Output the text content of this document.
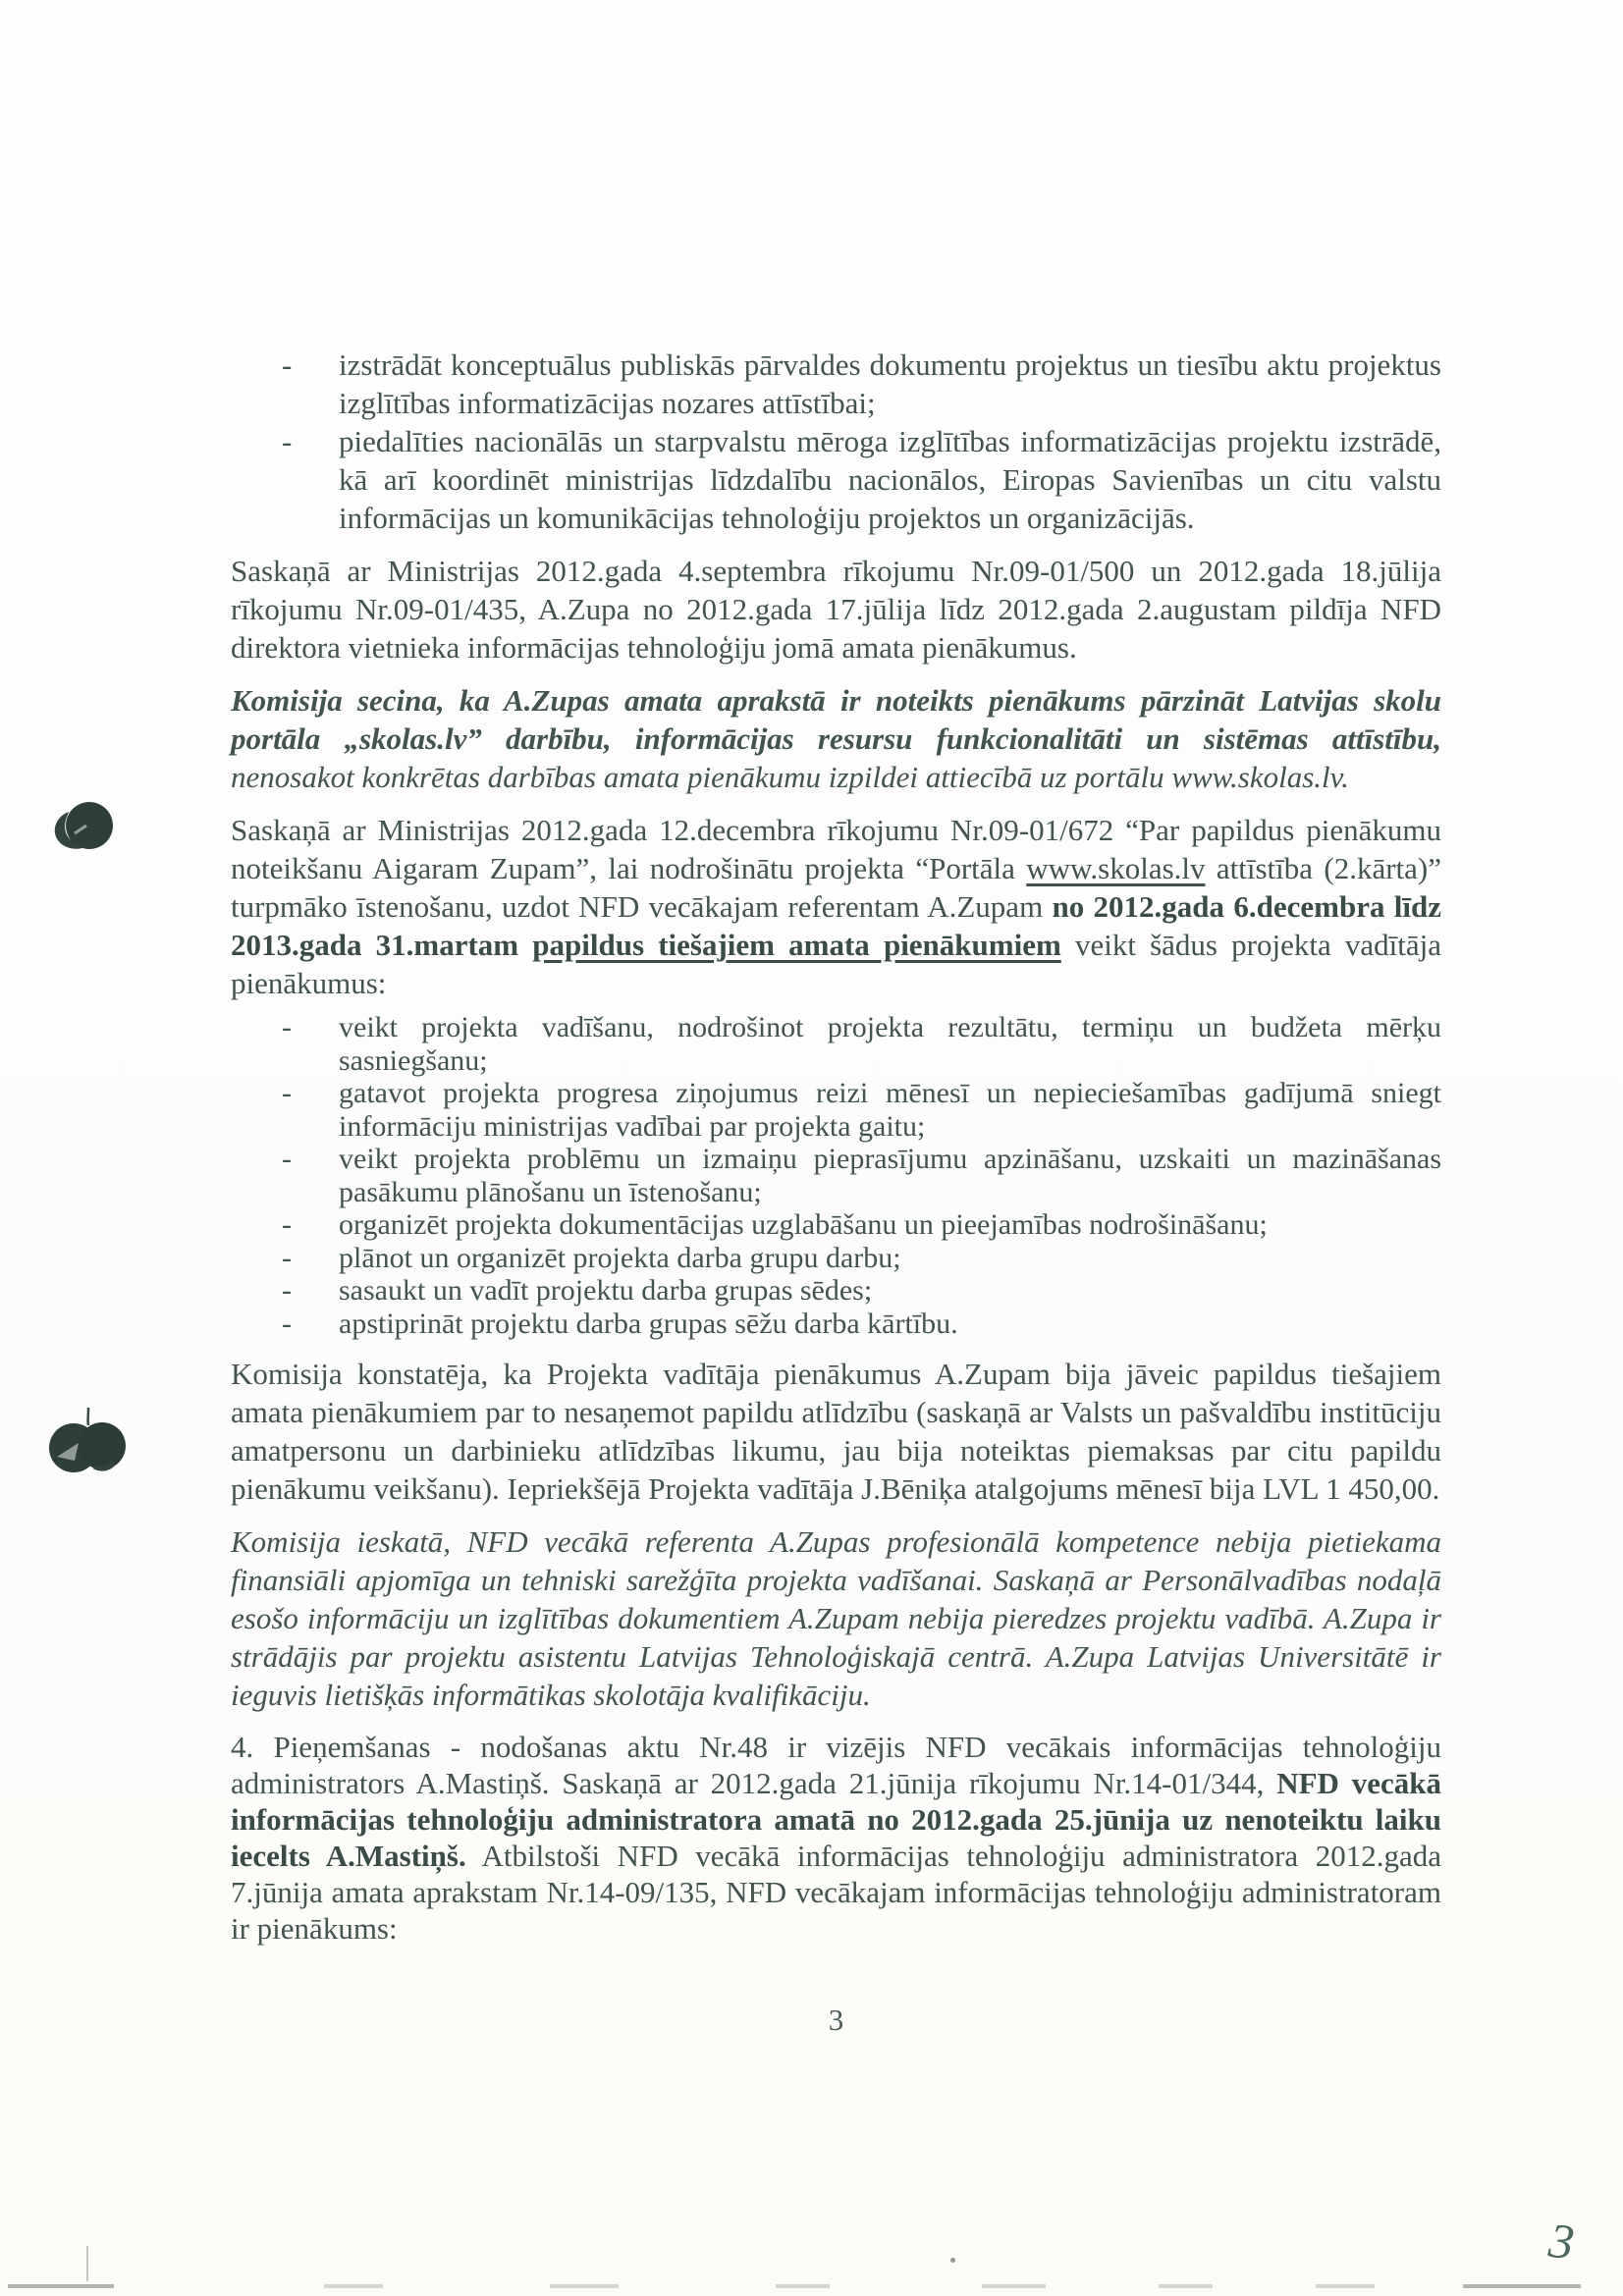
- izstrādāt konceptuālus publiskās pārvaldes dokumentu projektus un tiesību aktu projektus izglītības informatizācijas nozares attīstībai;
- piedalīties nacionālās un starpvalstu mēroga izglītības informatizācijas projektu izstrādē, kā arī koordinēt ministrijas līdzdalību nacionālos, Eiropas Savienības un citu valstu informācijas un komunikācijas tehnoloģiju projektos un organizācijās.

Saskaņā ar Ministrijas 2012.gada 4.septembra rīkojumu Nr.09-01/500 un 2012.gada 18.jūlija rīkojumu Nr.09-01/435, A.Zupa no 2012.gada 17.jūlija līdz 2012.gada 2.augustam pildīja NFD direktora vietnieka informācijas tehnoloģiju jomā amata pienākumus.

Komisija secina, ka A.Zupas amata aprakstā ir noteikts pienākums pārzināt Latvijas skolu portāla „skolas.lv” darbību, informācijas resursu funkcionalitāti un sistēmas attīstību, nenosakot konkrētas darbības amata pienākumu izpildei attiecībā uz portālu www.skolas.lv.

Saskaņā ar Ministrijas 2012.gada 12.decembra rīkojumu Nr.09-01/672 “Par papildus pienākumu noteikšanu Aigaram Zupam”, lai nodrošinātu projekta “Portāla www.skolas.lv attīstība (2.kārta)” turpmāko īstenošanu, uzdot NFD vecākajam referentam A.Zupam no 2012.gada 6.decembra līdz 2013.gada 31.martam papildus tiešajiem amata pienākumiem veikt šādus projekta vadītāja pienākumus:

- veikt projekta vadīšanu, nodrošinot projekta rezultātu, termiņu un budžeta mērķu sasniegšanu;
- gatavot projekta progresa ziņojumus reizi mēnesī un nepieciešamības gadījumā sniegt informāciju ministrijas vadībai par projekta gaitu;
- veikt projekta problēmu un izmaiņu pieprasījumu apzināšanu, uzskaiti un mazināšanas pasākumu plānošanu un īstenošanu;
- organizēt projekta dokumentācijas uzglabāšanu un pieejamības nodrošināšanu;
- plānot un organizēt projekta darba grupu darbu;
- sasaukt un vadīt projektu darba grupas sēdes;
- apstiprināt projektu darba grupas sēžu darba kārtību.

Komisija konstatēja, ka Projekta vadītāja pienākumus A.Zupam bija jāveic papildus tiešajiem amata pienākumiem par to nesaņemot papildu atlīdzību (saskaņā ar Valsts un pašvaldību institūciju amatpersonu un darbinieku atlīdzības likumu, jau bija noteiktas piemaksas par citu papildu pienākumu veikšanu). Iepriekšējā Projekta vadītāja J.Bēniķa atalgojums mēnesī bija LVL 1 450,00.

Komisija ieskatā, NFD vecākā referenta A.Zupas profesionālā kompetence nebija pietiekama finansiāli apjomīga un tehniski sarežģīta projekta vadīšanai. Saskaņā ar Personālvadības nodaļā esošo informāciju un izglītības dokumentiem A.Zupam nebija pieredzes projektu vadībā. A.Zupa ir strādājis par projektu asistentu Latvijas Tehnoloģiskajā centrā. A.Zupa Latvijas Universitātē ir ieguvis lietišķās informātikas skolotāja kvalifikāciju.

4. Pieņemšanas - nodošanas aktu Nr.48 ir vizējis NFD vecākais informācijas tehnoloģiju administrators A.Mastiņš. Saskaņā ar 2012.gada 21.jūnija rīkojumu Nr.14-01/344, NFD vecākā informācijas tehnoloģiju administratora amatā no 2012.gada 25.jūnija uz nenoteiktu laiku iecelts A.Mastiņš. Atbilstoši NFD vecākā informācijas tehnoloģiju administratora 2012.gada 7.jūnija amata aprakstam Nr.14-09/135, NFD vecākajam informācijas tehnoloģiju administratoram ir pienākums:

3
3
